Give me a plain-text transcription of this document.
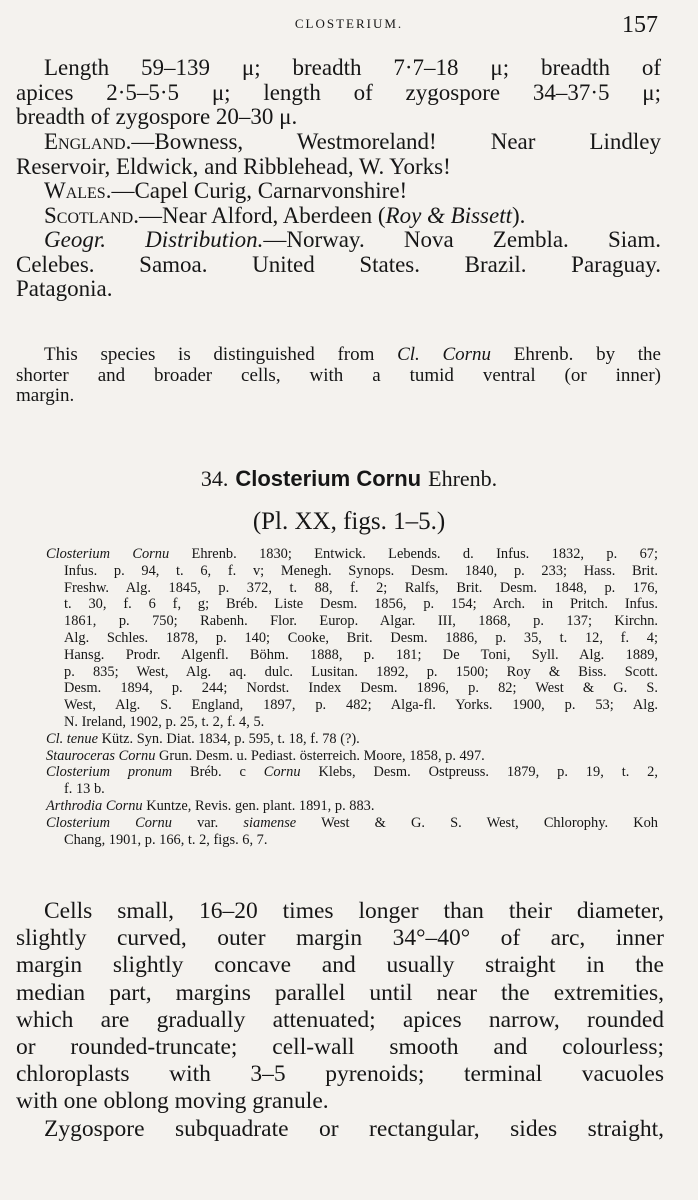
CLOSTERIUM.	157
Length 59–139 μ; breadth 7·7–18 μ; breadth of
apices 2·5–5·5 μ; length of zygospore 34–37·5 μ;
breadth of zygospore 20–30 μ.
England.—Bowness, Westmoreland! Near Lindley
Reservoir, Eldwick, and Ribblehead, W. Yorks!
Wales.—Capel Curig, Carnarvonshire!
Scotland.—Near Alford, Aberdeen (Roy & Bissett).
Geogr. Distribution.—Norway. Nova Zembla. Siam.
Celebes. Samoa. United States. Brazil. Paraguay.
Patagonia.
This species is distinguished from Cl. Cornu Ehrenb. by the
shorter and broader cells, with a tumid ventral (or inner)
margin.
34. Closterium Cornu Ehrenb.
(Pl. XX, figs. 1–5.)
Closterium Cornu Ehrenb. 1830; Entwick. Lebends. d. Infus. 1832, p. 67;
Infus. p. 94, t. 6, f. v; Menegh. Synops. Desm. 1840, p. 233; Hass. Brit.
Freshw. Alg. 1845, p. 372, t. 88, f. 2; Ralfs, Brit. Desm. 1848, p. 176,
t. 30, f. 6 f, g; Bréb. Liste Desm. 1856, p. 154; Arch. in Pritch. Infus.
1861, p. 750; Rabenh. Flor. Europ. Algar. III, 1868, p. 137; Kirchn.
Alg. Schles. 1878, p. 140; Cooke, Brit. Desm. 1886, p. 35, t. 12, f. 4;
Hansg. Prodr. Algenfl. Böhm. 1888, p. 181; De Toni, Syll. Alg. 1889,
p. 835; West, Alg. aq. dulc. Lusitan. 1892, p. 1500; Roy & Biss. Scott.
Desm. 1894, p. 244; Nordst. Index Desm. 1896, p. 82; West & G. S.
West, Alg. S. England, 1897, p. 482; Alga-fl. Yorks. 1900, p. 53; Alg.
N. Ireland, 1902, p. 25, t. 2, f. 4, 5.
Cl. tenue Kütz. Syn. Diat. 1834, p. 595, t. 18, f. 78 (?).
Stauroceras Cornu Grun. Desm. u. Pediast. österreich. Moore, 1858, p. 497.
Closterium pronum Bréb. c Cornu Klebs, Desm. Ostpreuss. 1879, p. 19, t. 2,
f. 13 b.
Arthrodia Cornu Kuntze, Revis. gen. plant. 1891, p. 883.
Closterium Cornu var. siamense West & G. S. West, Chlorophy. Koh
Chang, 1901, p. 166, t. 2, figs. 6, 7.
Cells small, 16–20 times longer than their diameter,
slightly curved, outer margin 34°–40° of arc, inner
margin slightly concave and usually straight in the
median part, margins parallel until near the extremities,
which are gradually attenuated; apices narrow, rounded
or rounded-truncate; cell-wall smooth and colourless;
chloroplasts with 3–5 pyrenoids; terminal vacuoles
with one oblong moving granule.
Zygospore subquadrate or rectangular, sides straight,
